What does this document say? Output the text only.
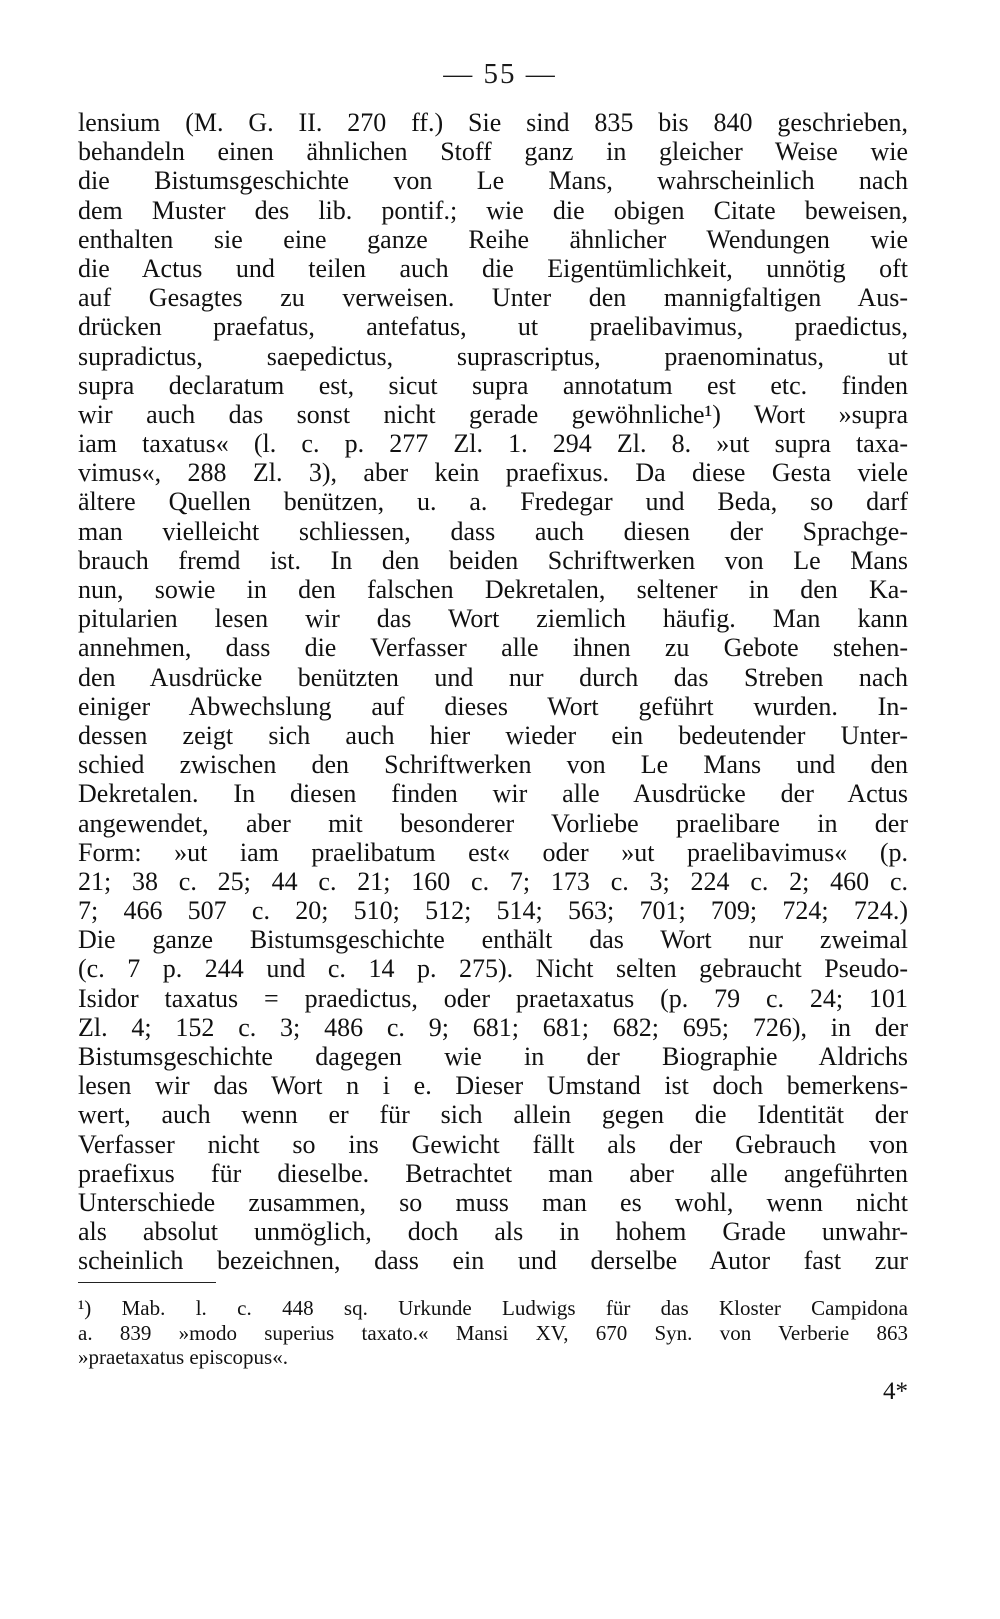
— 55 —
lensium (M. G. II. 270 ff.) Sie sind 835 bis 840 geschrieben,
behandeln einen ähnlichen Stoff ganz in gleicher Weise wie
die Bistumsgeschichte von Le Mans, wahrscheinlich nach
dem Muster des lib. pontif.; wie die obigen Citate beweisen,
enthalten sie eine ganze Reihe ähnlicher Wendungen wie
die Actus und teilen auch die Eigentümlichkeit, unnötig oft
auf Gesagtes zu verweisen. Unter den mannigfaltigen Aus-
drücken praefatus, antefatus, ut praelibavimus, praedictus,
supradictus, saepedictus, suprascriptus, praenominatus, ut
supra declaratum est, sicut supra annotatum est etc. finden
wir auch das sonst nicht gerade gewöhnliche¹) Wort »supra
iam taxatus« (l. c. p. 277 Zl. 1. 294 Zl. 8. »ut supra taxa-
vimus«, 288 Zl. 3), aber kein praefixus. Da diese Gesta viele
ältere Quellen benützen, u. a. Fredegar und Beda, so darf
man vielleicht schliessen, dass auch diesen der Sprachge-
brauch fremd ist. In den beiden Schriftwerken von Le Mans
nun, sowie in den falschen Dekretalen, seltener in den Ka-
pitularien lesen wir das Wort ziemlich häufig. Man kann
annehmen, dass die Verfasser alle ihnen zu Gebote stehen-
den Ausdrücke benützten und nur durch das Streben nach
einiger Abwechslung auf dieses Wort geführt wurden. In-
dessen zeigt sich auch hier wieder ein bedeutender Unter-
schied zwischen den Schriftwerken von Le Mans und den
Dekretalen. In diesen finden wir alle Ausdrücke der Actus
angewendet, aber mit besonderer Vorliebe praelibare in der
Form: »ut iam praelibatum est« oder »ut praelibavimus« (p.
21; 38 c. 25; 44 c. 21; 160 c. 7; 173 c. 3; 224 c. 2; 460 c.
7; 466 507 c. 20; 510; 512; 514; 563; 701; 709; 724; 724.)
Die ganze Bistumsgeschichte enthält das Wort nur zweimal
(c. 7 p. 244 und c. 14 p. 275). Nicht selten gebraucht Pseudo-
Isidor taxatus = praedictus, oder praetaxatus (p. 79 c. 24; 101
Zl. 4; 152 c. 3; 486 c. 9; 681; 681; 682; 695; 726), in der
Bistumsgeschichte dagegen wie in der Biographie Aldrichs
lesen wir das Wort n i e. Dieser Umstand ist doch bemerkens-
wert, auch wenn er für sich allein gegen die Identität der
Verfasser nicht so ins Gewicht fällt als der Gebrauch von
praefixus für dieselbe. Betrachtet man aber alle angeführten
Unterschiede zusammen, so muss man es wohl, wenn nicht
als absolut unmöglich, doch als in hohem Grade unwahr-
scheinlich bezeichnen, dass ein und derselbe Autor fast zur
¹) Mab. l. c. 448 sq. Urkunde Ludwigs für das Kloster Campidona
a. 839 »modo superius taxato.« Mansi XV, 670 Syn. von Verberie 863
»praetaxatus episcopus«.
4*
